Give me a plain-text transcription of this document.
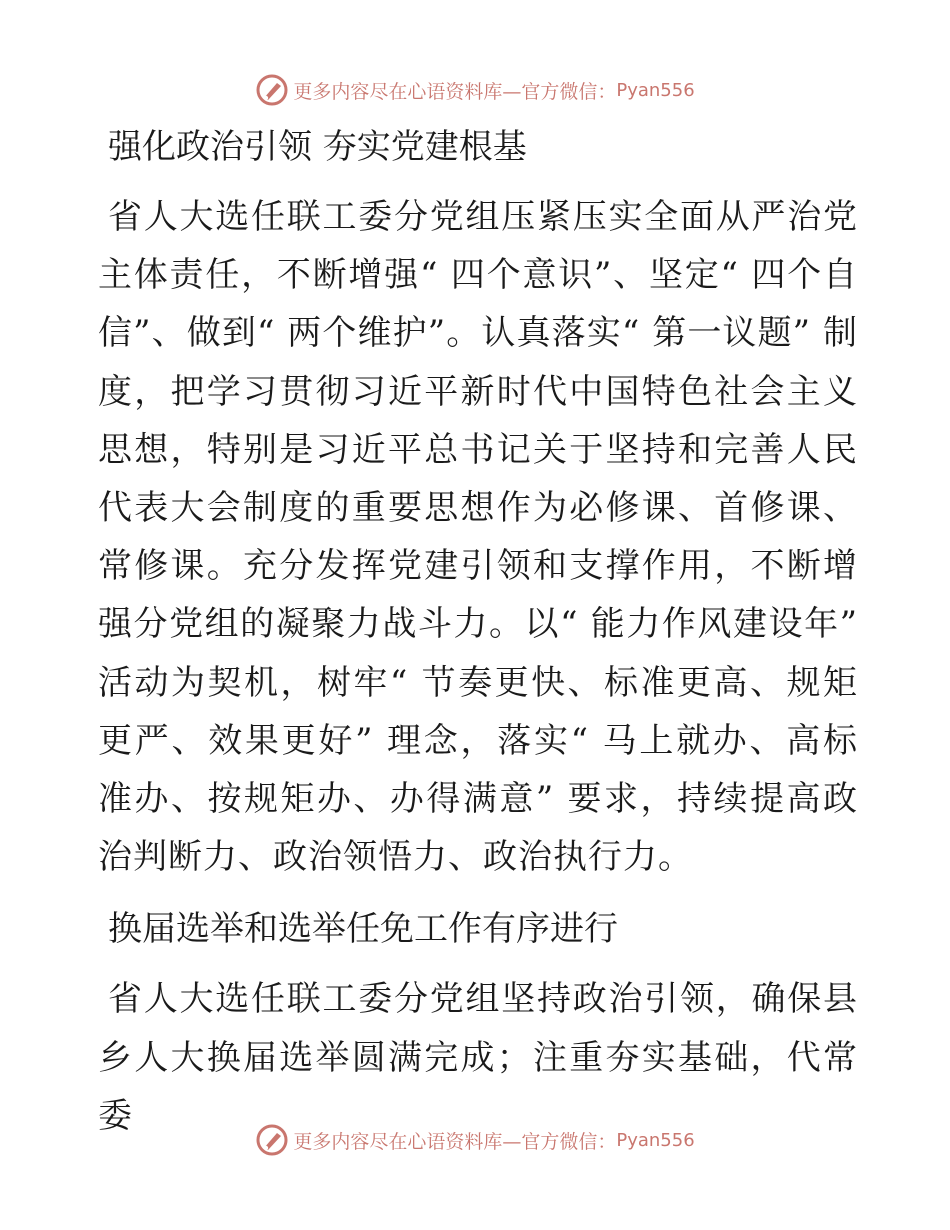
更多内容尽在心语资料库—官方微信： Pyan556
强化政治引领 夯实党建根基

省人大选任联工委分党组压紧压实全面从严治党主体责任，不断增强“ 四个意识”、坚定“ 四个自信”、做到“ 两个维护”。认真落实“ 第一议题” 制度，把学习贯彻习近平新时代中国特色社会主义思想，特别是习近平总书记关于坚持和完善人民代表大会制度的重要思想作为必修课、首修课、常修课。充分发挥党建引领和支撑作用，不断增强分党组的凝聚力战斗力。以“ 能力作风建设年” 活动为契机，树牢“ 节奏更快、标准更高、规矩更严、效果更好” 理念，落实“ 马上就办、高标准办、按规矩办、办得满意” 要求，持续提高政治判断力、政治领悟力、政治执行力。

换届选举和选举任免工作有序进行

省人大选任联工委分党组坚持政治引领，确保县乡人大换届选举圆满完成；注重夯实基础，代常委

更多内容尽在心语资料库—官方微信： Pyan556
